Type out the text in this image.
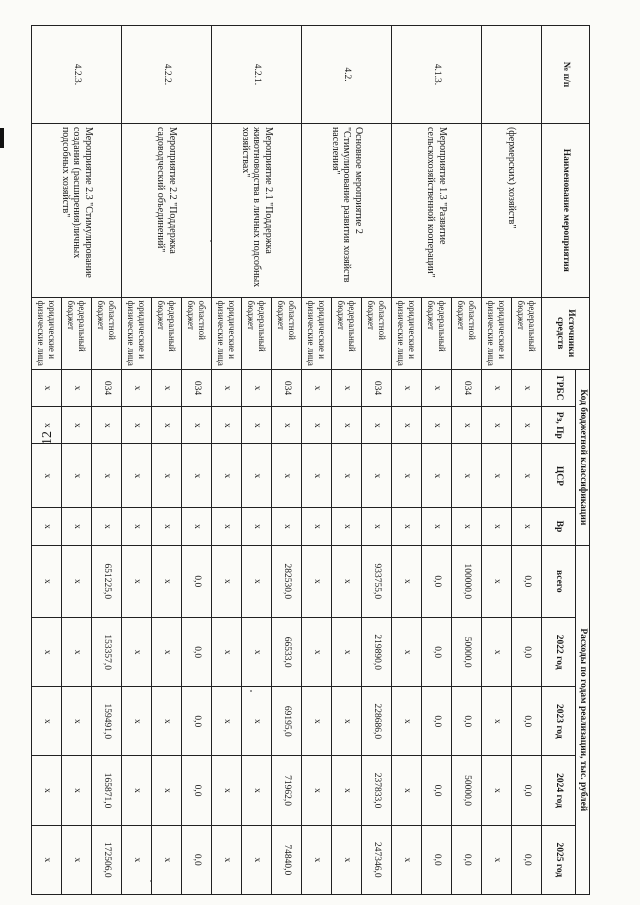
12
№ п/п	Наименование мероприятия	Источники средств	Код бюджетной классификации				Расходы по годам реализации, тыс. рублей				
			ГРБС	Рз, Пр	ЦСР	Вр	всего	2022 год	2023 год	2024 год	2025 год
	(фермерских) хозяйств"	федеральный бюджет	х	х	х	х	0,0	0,0	0,0	0,0	0,0
		юридические и физические лица	х	х	х	х	х	х	х	х	х
4.1.3.	Мероприятие 1.3 "Развитие сельскохозяйственной кооперации"	областной бюджет	034	х	х	х	100000,0	50000,0	0,0	50000,0	0,0
		федеральный бюджет	х	х	х	х	0,0	0,0	0,0	0,0	0,0
		юридические и физические лица	х	х	х	х	х	х	х	х	х
4.2.	Основное мероприятие 2 "Стимулирование развития хозяйств населения"	областной бюджет	034	х	х	х	933755,0	219890,0	228686,0	237833,0	247346,0
		федеральный бюджет	х	х	х	х	х	х	х	х	х
		юридические и физические лица	х	х	х	х	х	х	х	х	х
4.2.1.	Мероприятие 2.1 "Поддержка животноводства в личных подсобных хозяйствах"	областной бюджет	034	х	х	х	282530,0	66533,0	69195,0	71962,0	74840,0
		федеральный бюджет	х	х	х	х	х	х	х	х	х
		юридические и физические лица	х	х	х	х	х	х	х	х	х
4.2.2.	Мероприятие 2.2 "Поддержка садоводческий объединений"	областной бюджет	034	х	х	х	0,0	0,0	0,0	0,0	0,0
		федеральный бюджет	х	х	х	х	х	х	х	х	х
		юридические и физические лица	х	х	х	х	х	х	х	х	х
4.2.3.	Мероприятие 2.3 "Стимулирование создания (расширения)личных подсобных хозяйств"	областной бюджет	034	х	х	х	651225,0	153357,0	159491,0	165871,0	172506,0
		федеральный бюджет	х	х	х	х	х	х	х	х	х
		юридические и физические лица	х	х	х	х	х	х	х	х	х
